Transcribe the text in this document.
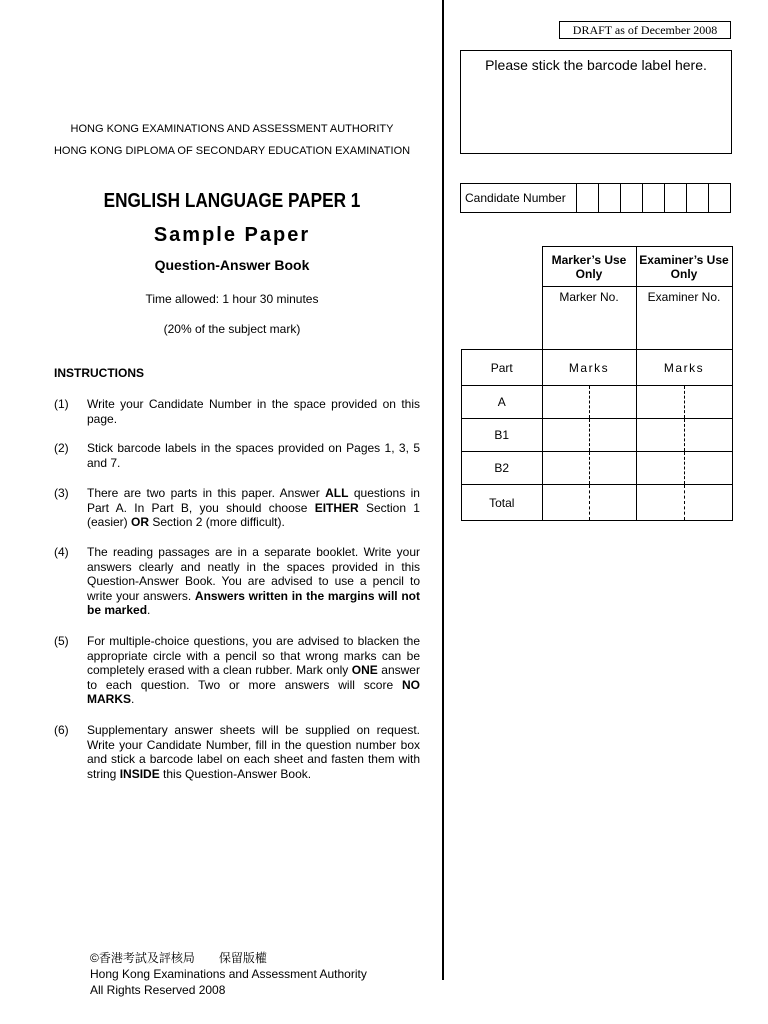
HONG KONG EXAMINATIONS AND ASSESSMENT AUTHORITY
HONG KONG DIPLOMA OF SECONDARY EDUCATION EXAMINATION
ENGLISH LANGUAGE PAPER 1
Sample Paper
Question-Answer Book
Time allowed: 1 hour 30 minutes
(20% of the subject mark)
INSTRUCTIONS
(1)	Write your Candidate Number in the space provided on this page.
(2)	Stick barcode labels in the spaces provided on Pages 1, 3, 5 and 7.
(3)	There are two parts in this paper. Answer ALL questions in Part A. In Part B, you should choose EITHER Section 1 (easier) OR Section 2 (more difficult).
(4)	The reading passages are in a separate booklet. Write your answers clearly and neatly in the spaces provided in this Question-Answer Book. You are advised to use a pencil to write your answers. Answers written in the margins will not be marked.
(5)	For multiple-choice questions, you are advised to blacken the appropriate circle with a pencil so that wrong marks can be completely erased with a clean rubber. Mark only ONE answer to each question. Two or more answers will score NO MARKS.
(6)	Supplementary answer sheets will be supplied on request. Write your Candidate Number, fill in the question number box and stick a barcode label on each sheet and fasten them with string INSIDE this Question-Answer Book.
©香港考試及評核局　　保留版權
Hong Kong Examinations and Assessment Authority
All Rights Reserved 2008
DRAFT as of December 2008
Please stick the barcode label here.
Candidate Number
	Marker’s Use Only	Examiner’s Use Only
	Marker No.	Examiner No.
Part	Marks	Marks
A		
B1		
B2		
Total		
